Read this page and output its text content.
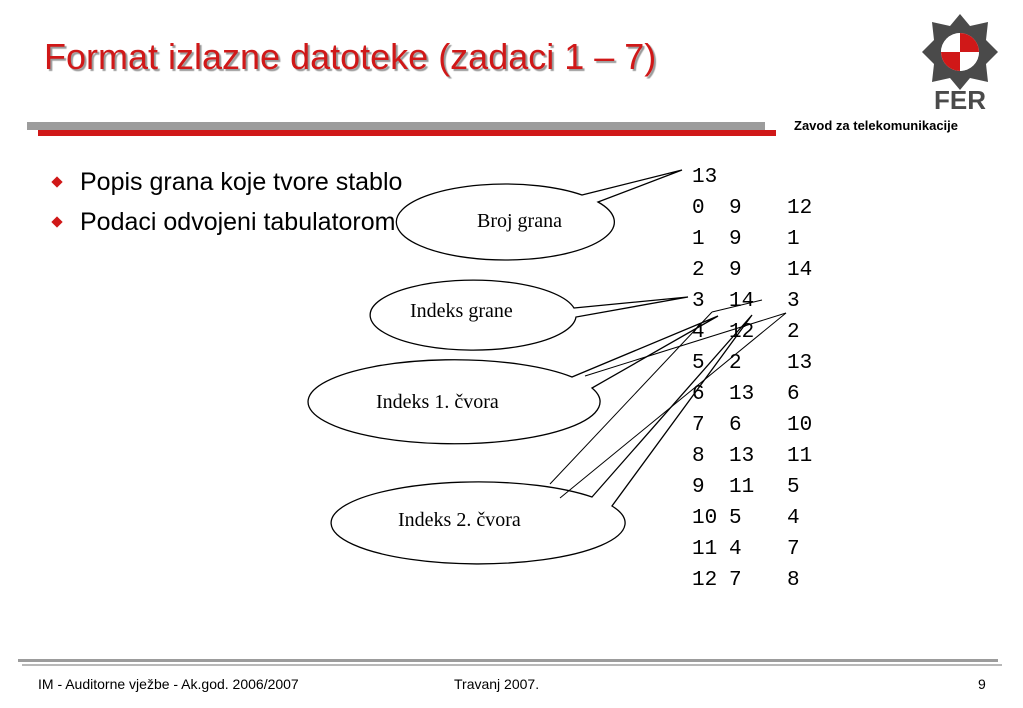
Format izlazne datoteke (zadaci 1 – 7)
FER
Zavod za telekomunikacije
Popis grana koje tvore stablo
Podaci odvojeni tabulatorom	Broj grana
Indeks grane
Indeks 1. čvora
Indeks 2. čvora
13
0 9 12
1 9 1
2 9 14
3 14 3
4 12 2
5 2 13
6 13 6
7 6 10
8 13 11
9 11 5
10 5 4
11 4 7
12 7 8
IM - Auditorne vježbe - Ak.god. 2006/2007	Travanj 2007.	9
